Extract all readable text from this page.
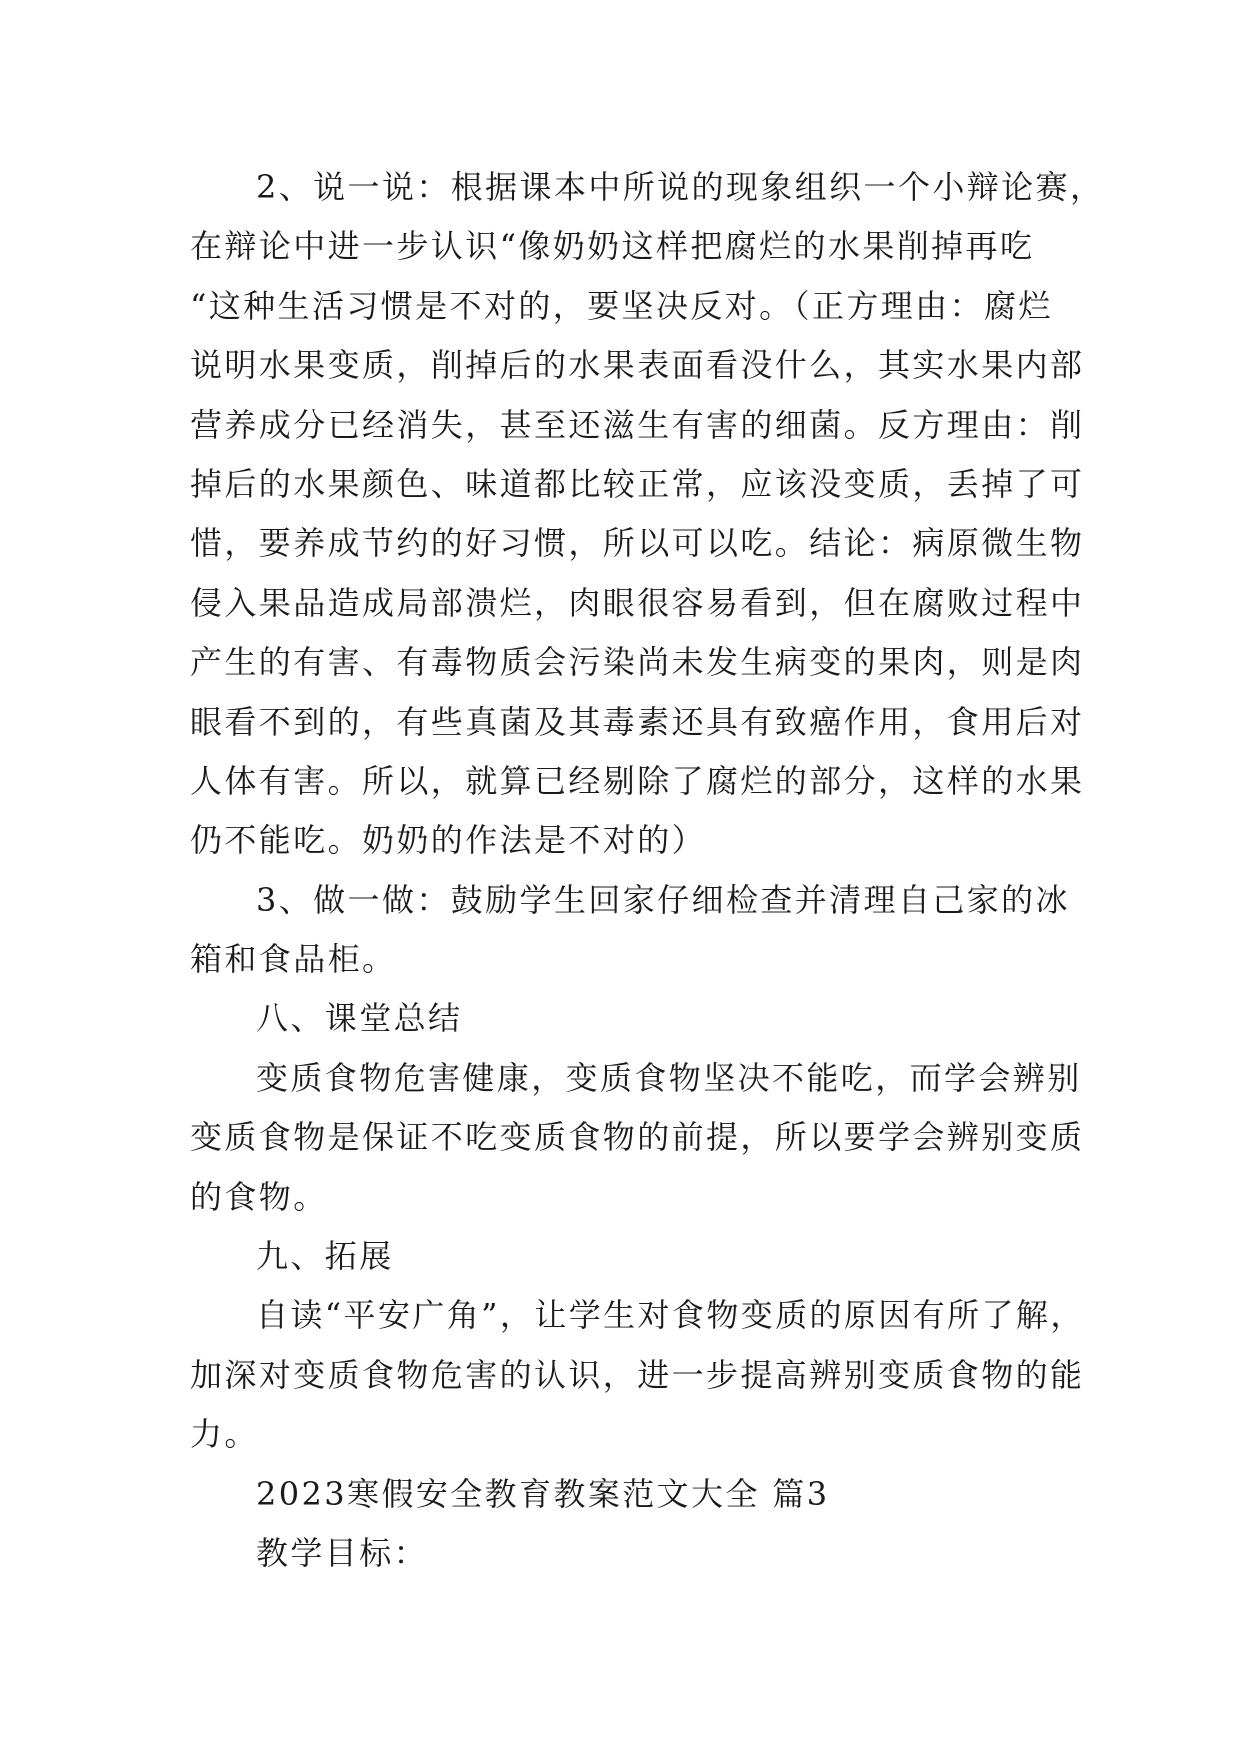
2、说一说：根据课本中所说的现象组织一个小辩论赛，
在辩论中进一步认识“像奶奶这样把腐烂的水果削掉再吃
“这种生活习惯是不对的，要坚决反对。（正方理由：腐烂
说明水果变质，削掉后的水果表面看没什么，其实水果内部
营养成分已经消失，甚至还滋生有害的细菌。反方理由：削
掉后的水果颜色、味道都比较正常，应该没变质，丢掉了可
惜，要养成节约的好习惯，所以可以吃。结论：病原微生物
侵入果品造成局部溃烂，肉眼很容易看到，但在腐败过程中
产生的有害、有毒物质会污染尚未发生病变的果肉，则是肉
眼看不到的，有些真菌及其毒素还具有致癌作用，食用后对
人体有害。所以，就算已经剔除了腐烂的部分，这样的水果
仍不能吃。奶奶的作法是不对的）
3、做一做：鼓励学生回家仔细检查并清理自己家的冰
箱和食品柜。
八、课堂总结
变质食物危害健康，变质食物坚决不能吃，而学会辨别
变质食物是保证不吃变质食物的前提，所以要学会辨别变质
的食物。
九、拓展
自读“平安广角”，让学生对食物变质的原因有所了解，
加深对变质食物危害的认识，进一步提高辨别变质食物的能
力。
2023寒假安全教育教案范文大全 篇3
教学目标：
